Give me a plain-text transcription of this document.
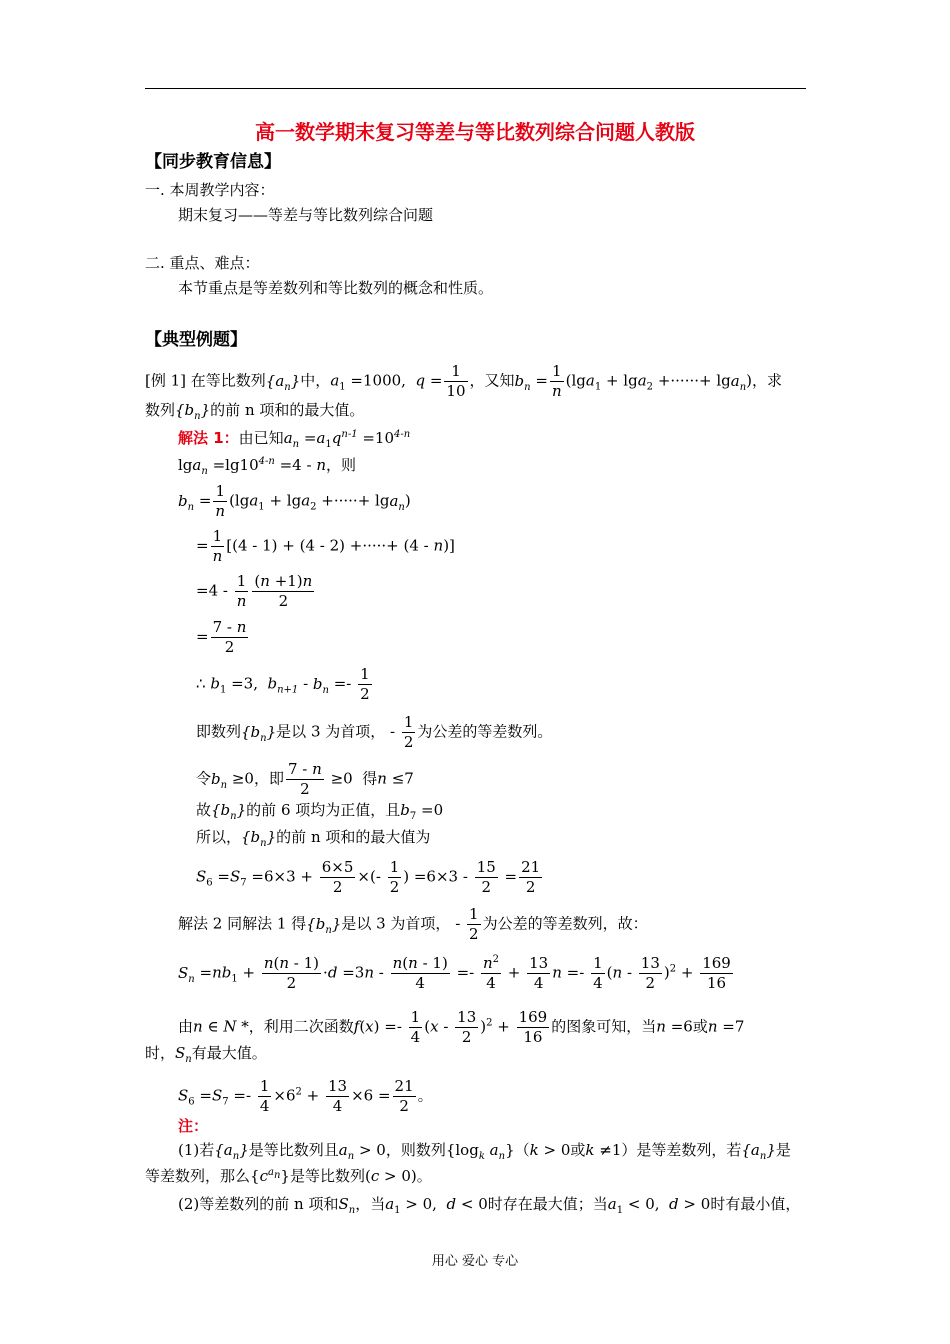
高一数学期末复习等差与等比数列综合问题人教版
【同步教育信息】
一. 本周教学内容：
期末复习——等差与等比数列综合问题
二. 重点、难点：
本节重点是等差数列和等比数列的概念和性质。
【典型例题】
[例 1] 在等比数列$\{a_n\}$中，$a_1 =1000$,  $q = \frac{1}{10}$ ，又知$b_n = \frac{1}{n} (\lg a_1 + \lg a_2$ +······+ lga$_n$)，求
数列$\{b_n\}$的前 n 项和的最大值。
解法 1：由已知$a_n =a_1q^{n-1} =10^{4-n}$
$\lg a_n =\lg 10^{4-n} =4 - n$，则
$b_n = \frac{1}{n} (\lg a_1 + \lg a_2$ +·····+ lga$_n$)
= $\frac{1}{n} [(4 - 1) + (4 - 2)$ +·····+ (4 - n)]
$=4 - \frac{1}{n} \frac{(n +1)n}{2}$
= $\frac{7 - n}{2}$
∴ $b_1 =3$,  $b_{n+1} - b_n =- \frac{1}{2}$
即数列$\{b_n\}$是以 3 为首项， - $\frac{1}{2}$ 为公差的等差数列。
令$b_n \ge 0$，即 $\frac{7 - n}{2} \ge 0$  得n ≤7
故$\{b_n\}$的前 6 项均为正值，且$b_7 =0$
所以，$\{b_n\}$的前 n 项和的最大值为
$S_6 =S_7 =6\times 3 + \frac{6\times 5}{2}$ ×(- $\frac{1}{2}$ ) $=6\times 3 - \frac{15}{2} = \frac{21}{2}$
解法 2 同解法 1 得$\{b_n\}$是以 3 为首项， - $\frac{1}{2}$ 为公差的等差数列，故：
$S_n =nb_1 + \frac{n(n - 1)}{2} \cdot d =3n - \frac{n(n - 1)}{4} =- \frac{n^2}{4} + \frac{13}{4}$ $n =- \frac{1}{4} (n - \frac{13}{2} )^2 + \frac{169}{16}$
由n ∈ N *，利用二次函数$f(x) =- \frac{1}{4} (x - \frac{13}{2} )^2 + \frac{169}{16}$ 的图象可知，当n =6或n =7
时，$S_n$有最大值。
$S_6 =S_7 =- \frac{1}{4} \times 6^2 + \frac{13}{4} \times 6 = \frac{21}{2}$ 。
注：
(1)若$\{a_n\}$是等比数列且$a_n > 0$，则数列{$\log_k$ $a_n\}(k > 0$或k ≠1）是等差数列，若$\{a_n\}$是
等差数列，那么$\{c^{a_n}\}$是等比数列(c > 0)。
(2)等差数列的前 n 项和$S_n$，当$a_1 > 0$,  d < 0时存在最大值；当$a_1 < 0$,  d > 0时有最小值，
用心 爱心 专心
